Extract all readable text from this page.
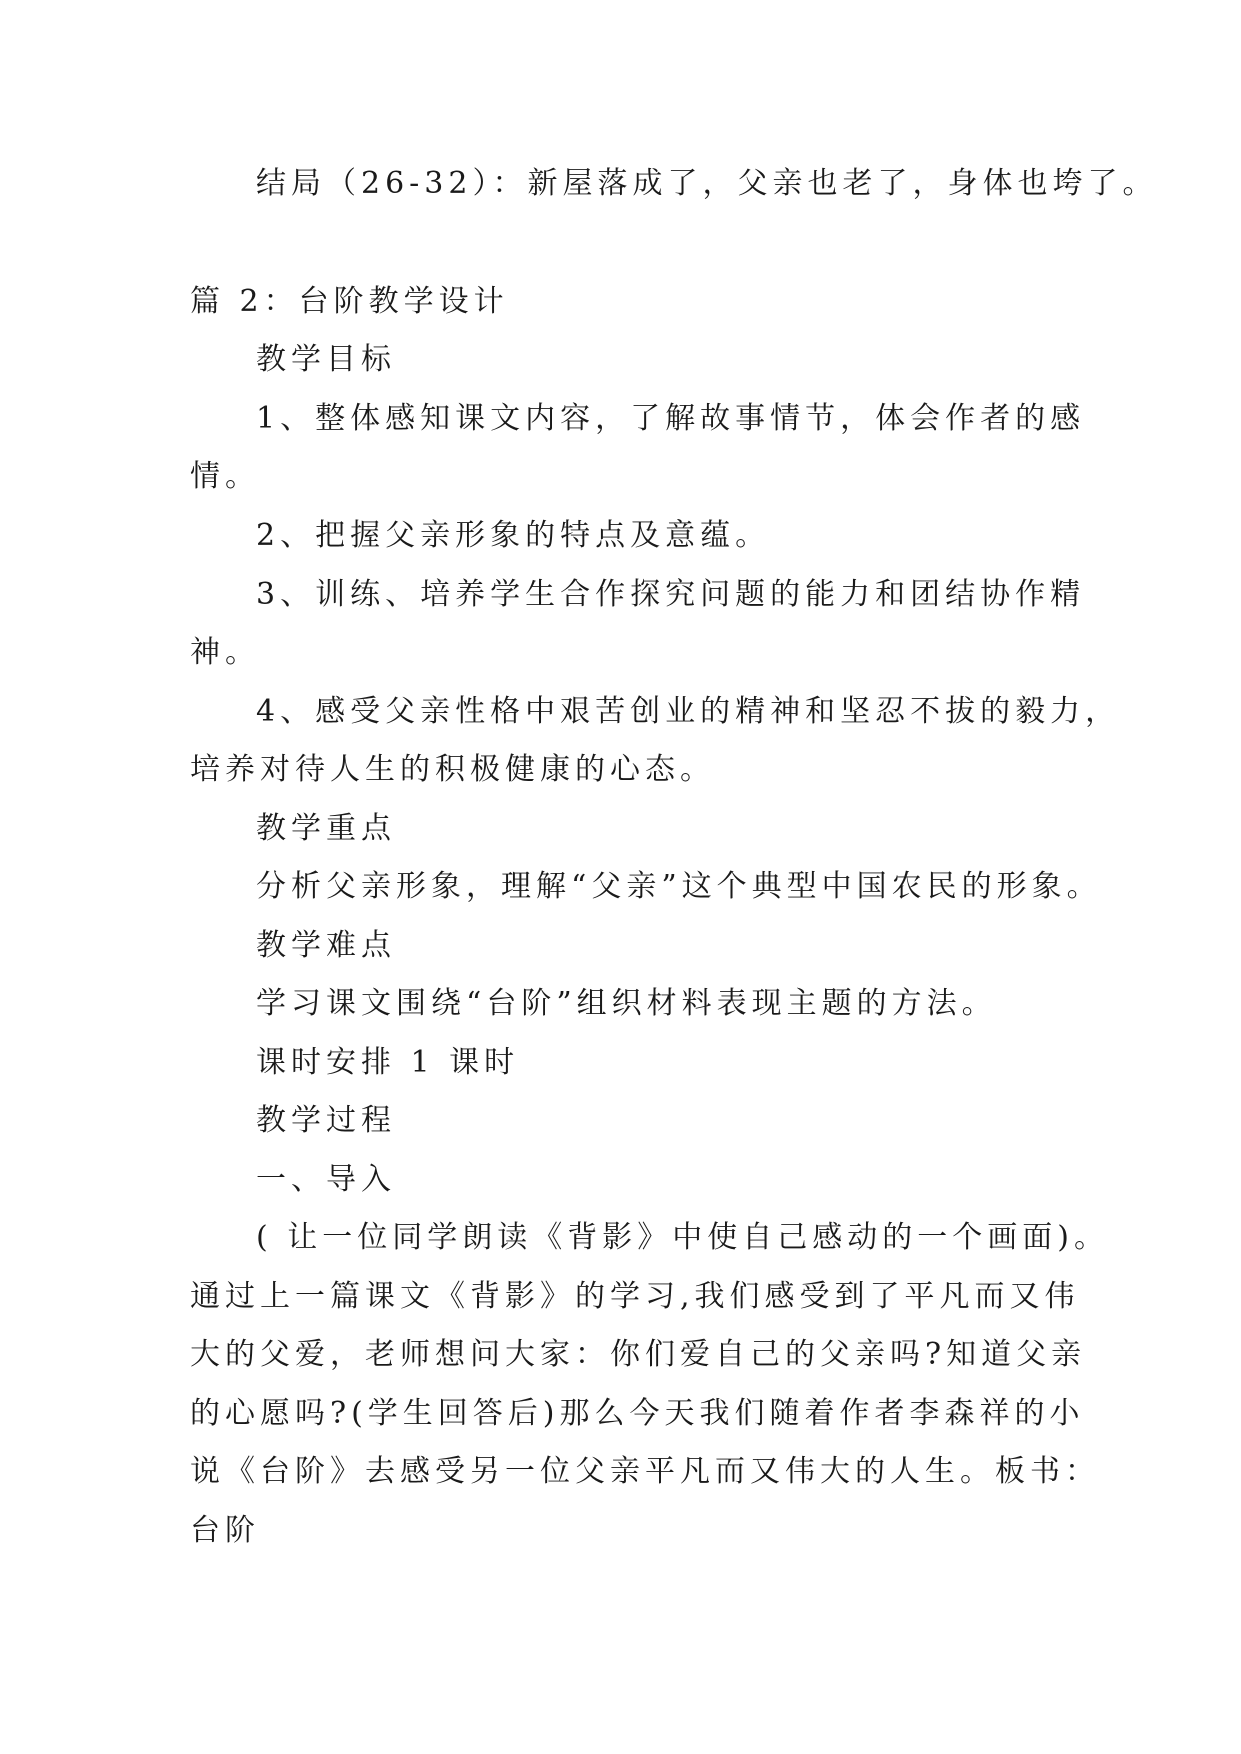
结局（26-32）：新屋落成了，父亲也老了，身体也垮了。

篇 2：台阶教学设计

教学目标

1、整体感知课文内容，了解故事情节，体会作者的感

情。

2、把握父亲形象的特点及意蕴。

3、训练、培养学生合作探究问题的能力和团结协作精

神。

4、感受父亲性格中艰苦创业的精神和坚忍不拔的毅力，

培养对待人生的积极健康的心态。

教学重点

分析父亲形象，理解“父亲”这个典型中国农民的形象。

教学难点

学习课文围绕“台阶”组织材料表现主题的方法。

课时安排 1 课时

教学过程

一、导入

( 让一位同学朗读《背影》中使自己感动的一个画面)。

通过上一篇课文《背影》的学习,我们感受到了平凡而又伟

大的父爱，老师想问大家：你们爱自己的父亲吗?知道父亲

的心愿吗?(学生回答后)那么今天我们随着作者李森祥的小

说《台阶》去感受另一位父亲平凡而又伟大的人生。板书：

台阶
